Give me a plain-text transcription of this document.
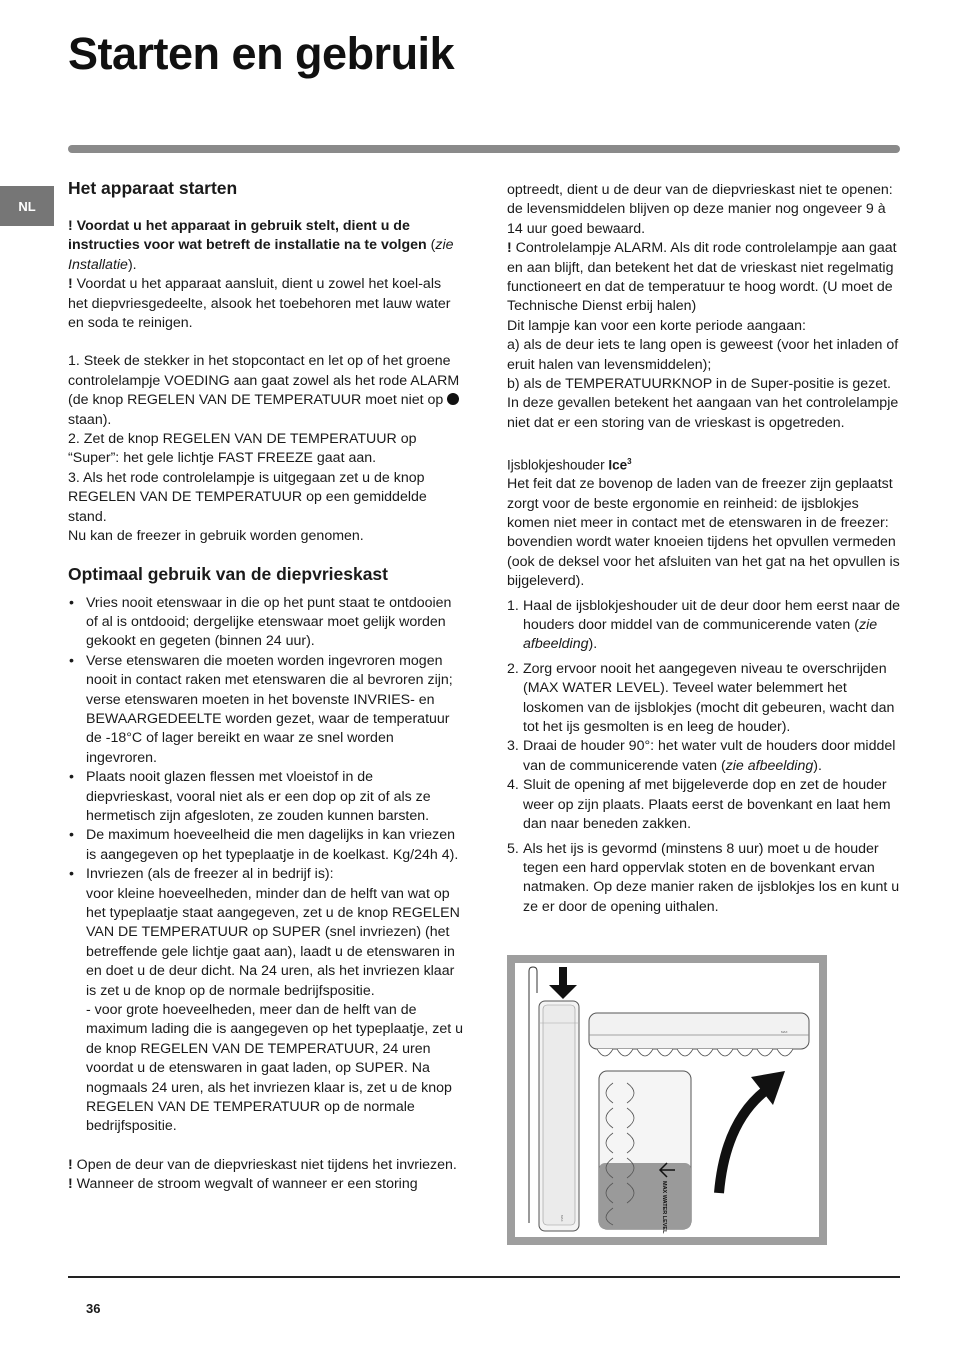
Starten en gebruik
NL
Het apparaat starten

! Voordat u het apparaat in gebruik stelt, dient u de instructies voor wat betreft de installatie na te volgen (zie Installatie).

! Voordat u het apparaat aansluit, dient u zowel het koel-als het diepvriesgedeelte, alsook het toebehoren met lauw water en soda te reinigen.

1. Steek de stekker in het stopcontact en let op of het groene controlelampje VOEDING aan gaat zowel als het rode ALARM (de knop REGELEN VAN DE TEMPERATUUR moet niet op  staan).

2. Zet de knop REGELEN VAN DE TEMPERATUUR op “Super”: het gele lichtje FAST FREEZE gaat aan.

3. Als het rode controlelampje is uitgegaan zet u de knop REGELEN VAN DE TEMPERATUUR op een gemiddelde stand.

Nu kan de freezer in gebruik worden genomen.

Optimaal gebruik van de diepvrieskast
• Vries nooit etenswaar in die op het punt staat te ontdooien of al is ontdooid; dergelijke etenswaar moet gelijk worden gekookt en gegeten (binnen 24 uur).
• Verse etenswaren die moeten worden ingevroren mogen nooit in contact raken met etenswaren die al bevroren zijn; verse etenswaren moeten in het bovenste INVRIES- en BEWAARGEDEELTE worden gezet, waar de temperatuur de -18°C of lager bereikt en waar ze snel worden ingevroren.
• Plaats nooit glazen flessen met vloeistof in de diepvrieskast, vooral niet als er een dop op zit of als ze hermetisch zijn afgesloten, ze zouden kunnen barsten.
• De maximum hoeveelheid die men dagelijks in kan vriezen is aangegeven op het typeplaatje in de koelkast. Kg/24h 4).
• Invriezen (als de freezer al in bedrijf is):
voor kleine hoeveelheden, minder dan de helft van wat op het typeplaatje staat aangegeven, zet u de knop REGELEN VAN DE TEMPERATUUR op SUPER (snel invriezen) (het betreffende gele lichtje gaat aan), laadt u de etenswaren in en doet u de deur dicht. Na 24 uren, als het invriezen klaar is zet u de knop op de normale bedrijfspositie.
- voor grote hoeveelheden, meer dan de helft van de maximum lading die is aangegeven op het typeplaatje, zet u de knop REGELEN VAN DE TEMPERATUUR, 24 uren voordat u de etenswaren in gaat laden, op SUPER. Na nogmaals 24 uren, als het invriezen klaar is, zet u de knop REGELEN VAN DE TEMPERATUUR op de normale bedrijfspositie.

! Open de deur van de diepvrieskast niet tijdens het invriezen.

! Wanneer de stroom wegvalt of wanneer er een storing

optreedt, dient u de deur van de diepvrieskast niet te openen: de levensmiddelen blijven op deze manier nog ongeveer 9 à 14 uur goed bewaard.

! Controlelampje ALARM. Als dit rode controlelampje aan gaat en aan blijft, dan betekent het dat de vrieskast niet regelmatig functioneert en dat de temperatuur te hoog wordt. (U moet de Technische Dienst erbij halen)

Dit lampje kan voor een korte periode aangaan:

a) als de deur iets te lang open is geweest (voor het inladen of eruit halen van levensmiddelen);

b) als de TEMPERATUURKNOP in de Super-positie is gezet.

In deze gevallen betekent het aangaan van het controlelampje niet dat er een storing van de vrieskast is opgetreden.

Ijsblokjeshouder Ice$^3$

Het feit dat ze bovenop de laden van de freezer zijn geplaatst zorgt voor de beste ergonomie en reinheid: de ijsblokjes komen niet meer in contact met de etenswaren in de freezer: bovendien wordt water knoeien tijdens het opvullen vermeden (ook de deksel voor het afsluiten van het gat na het opvullen is bijgeleverd).

1. Haal de ijsblokjeshouder uit de deur door hem eerst naar de houders door middel van de communicerende vaten (zie afbeelding).
2. Zorg ervoor nooit het aangegeven niveau te overschrijden (MAX WATER LEVEL). Teveel water belemmert het loskomen van de ijsblokjes (mocht dit gebeuren, wacht dan tot het ijs gesmolten is en leeg de houder).
3. Draai de houder 90°: het water vult de houders door middel van de communicerende vaten (zie afbeelding).
4. Sluit de opening af met bijgeleverde dop en zet de houder weer op zijn plaats. Plaats eerst de bovenkant en laat hem dan naar beneden zakken.
5. Als het ijs is gevormd (minstens 8 uur) moet u de houder tegen een hard oppervlak stoten en de bovenkant ervan natmaken. Op deze manier raken de ijsblokjes los en kunt u ze er door de opening uithalen.
MAX
MAX
MAX WATER LEVEL
36
